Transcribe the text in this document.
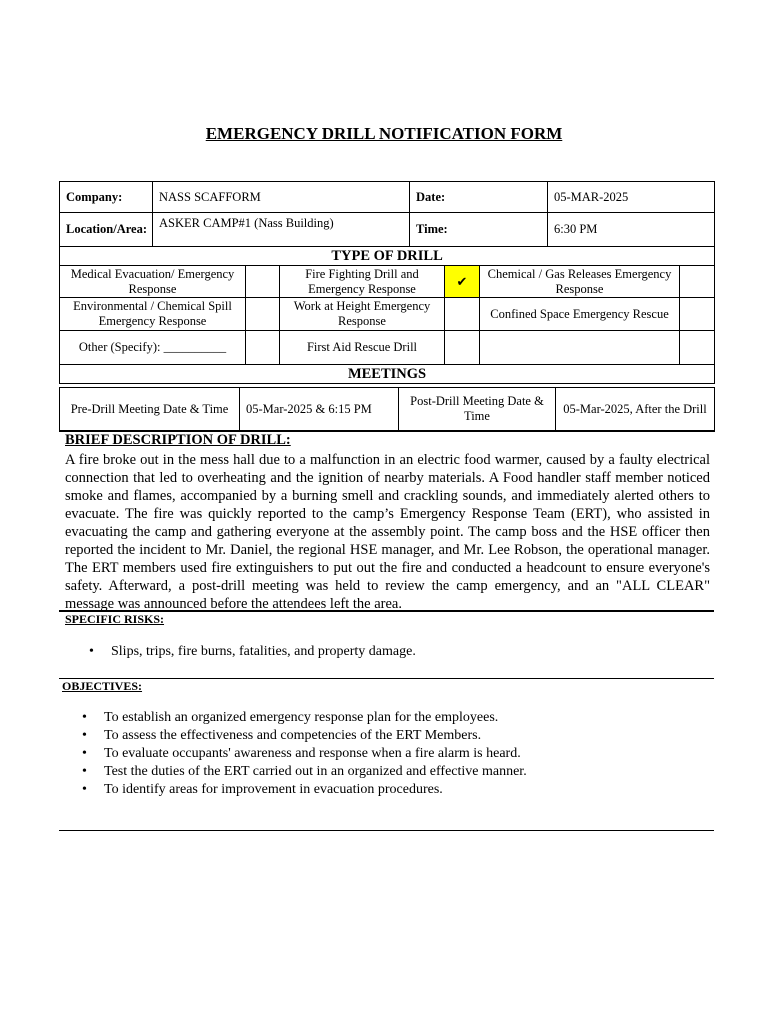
EMERGENCY DRILL NOTIFICATION FORM
Company:	NASS SCAFFORM	Date:	05-MAR-2025
Location/Area:	ASKER CAMP#1 (Nass Building)	Time:	6:30 PM
TYPE OF DRILL					
Medical Evacuation/ Emergency Response		Fire Fighting Drill and Emergency Response	✔	Chemical / Gas Releases Emergency Response	
Environmental / Chemical Spill Emergency Response		Work at Height Emergency Response		Confined Space Emergency Rescue	
Other (Specify): __________		First Aid Rescue Drill			
MEETINGS					
Pre-Drill Meeting Date & Time	05-Mar-2025 & 6:15 PM	Post-Drill Meeting Date & Time	05-Mar-2025, After the Drill
BRIEF DESCRIPTION OF DRILL:
A fire broke out in the mess hall due to a malfunction in an electric food warmer, caused by a faulty electrical connection that led to overheating and the ignition of nearby materials. A Food handler staff member noticed smoke and flames, accompanied by a burning smell and crackling sounds, and immediately alerted others to evacuate. The fire was quickly reported to the camp’s Emergency Response Team (ERT), who assisted in evacuating the camp and gathering everyone at the assembly point. The camp boss and the HSE officer then reported the incident to Mr. Daniel, the regional HSE manager, and Mr. Lee Robson, the operational manager. The ERT members used fire extinguishers to put out the fire and conducted a headcount to ensure everyone's safety. Afterward, a post-drill meeting was held to review the camp emergency, and an "ALL CLEAR" message was announced before the attendees left the area.
SPECIFIC RISKS:
• Slips, trips, fire burns, fatalities, and property damage.
OBJECTIVES:
• To establish an organized emergency response plan for the employees.
• To assess the effectiveness and competencies of the ERT Members.
• To evaluate occupants' awareness and response when a fire alarm is heard.
• Test the duties of the ERT carried out in an organized and effective manner.
• To identify areas for improvement in evacuation procedures.
